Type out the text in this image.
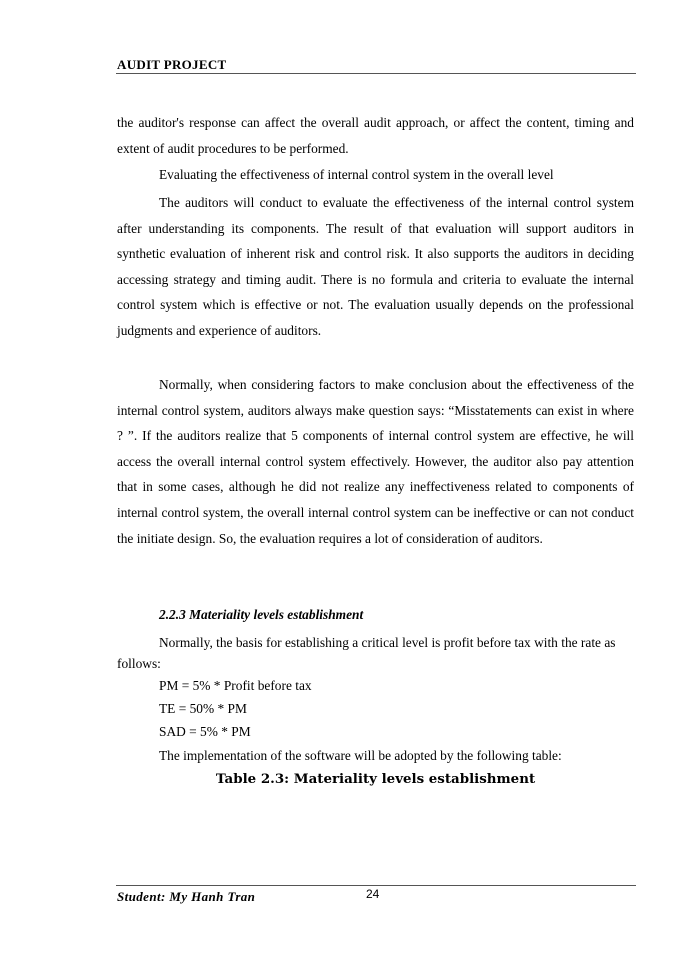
AUDIT PROJECT

the auditor's response can affect the overall audit approach, or affect the content, timing and extent of audit procedures to be performed.

Evaluating the effectiveness of internal control system in the overall level

The auditors will conduct to evaluate the effectiveness of the internal control system after understanding its components. The result of that evaluation will support auditors in synthetic evaluation of inherent risk and control risk. It also supports the auditors in deciding accessing strategy and timing audit. There is no formula and criteria to evaluate the internal control system which is effective or not. The evaluation usually depends on the professional judgments and experience of auditors.

Normally, when considering factors to make conclusion about the effectiveness of the internal control system, auditors always make question says: “Misstatements can exist in where ? ”. If the auditors realize that 5 components of internal control system are effective, he will access the overall internal control system effectively. However, the auditor also pay attention that in some cases, although he did not realize any ineffectiveness related to components of internal control system, the overall internal control system can be ineffective or can not conduct the initiate design. So, the evaluation requires a lot of consideration of auditors.

2.2.3 Materiality levels establishment

Normally, the basis for establishing a critical level is profit before tax with the rate as follows:

PM = 5% * Profit before tax

TE = 50% * PM

SAD = 5% * PM

The implementation of the software will be adopted by the following table:

Table 2.3: Materiality levels establishment

Student: My Hanh Tran	24
